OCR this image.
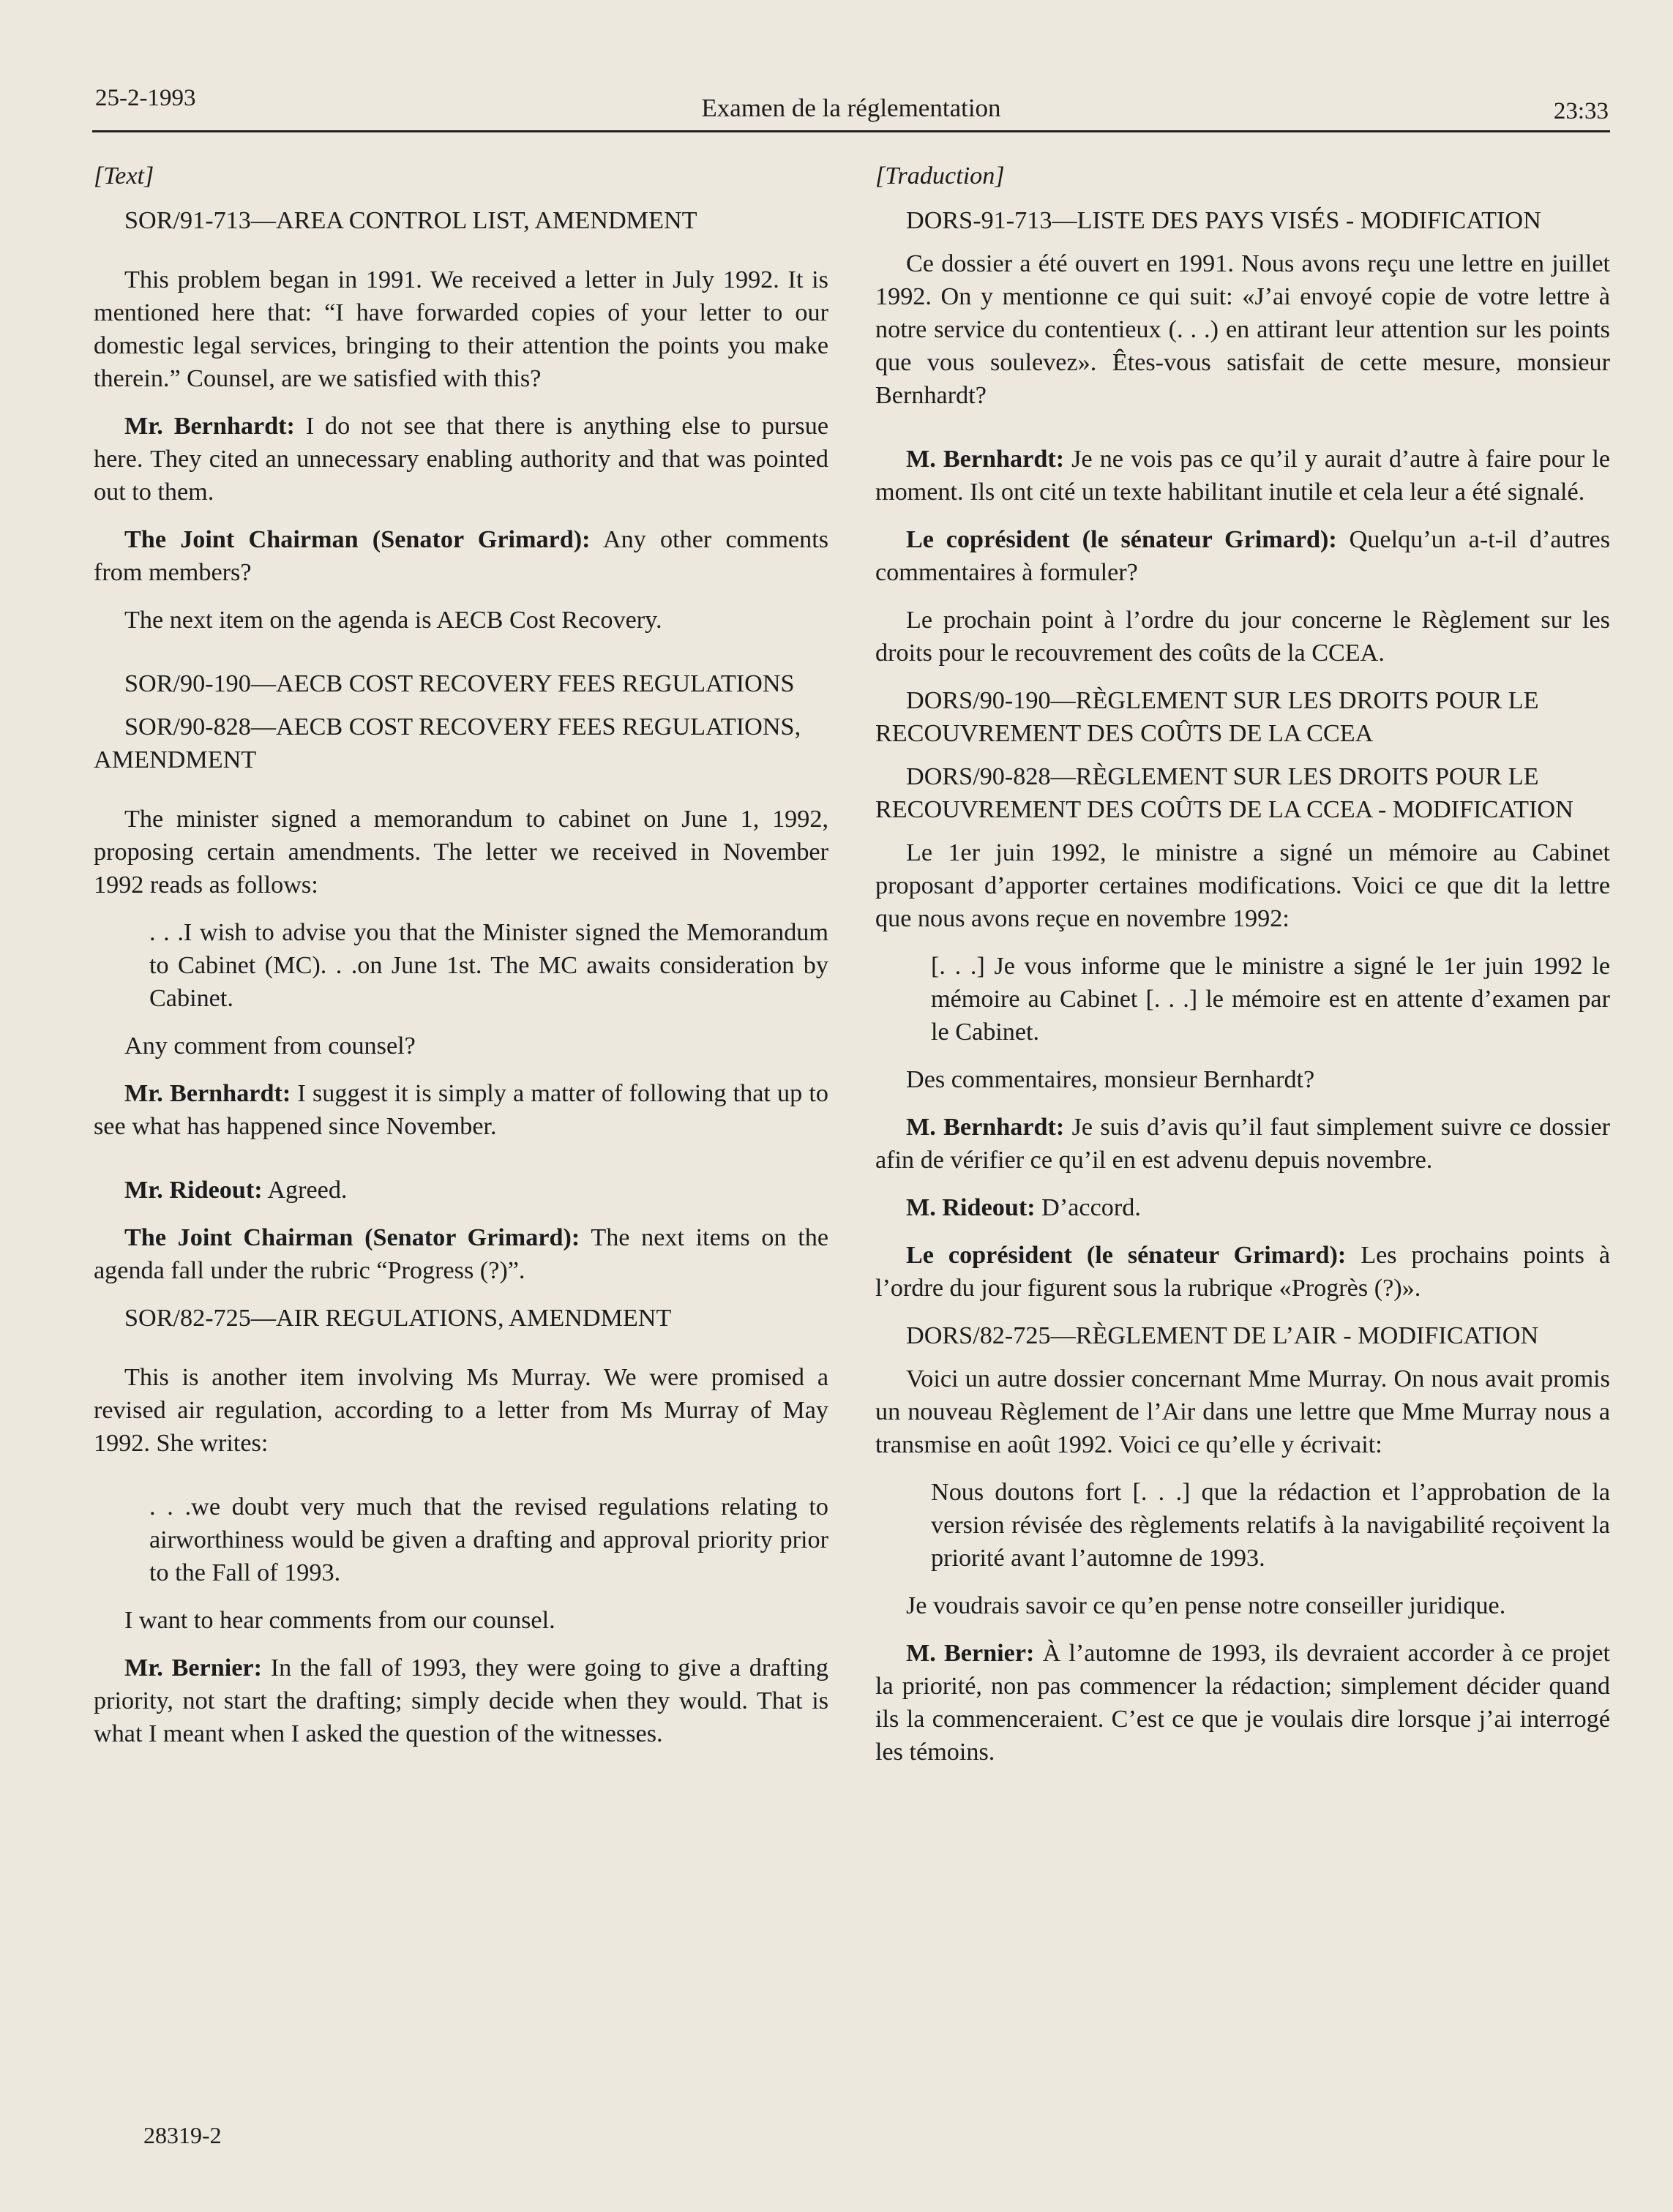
25-2-1993	Examen de la réglementation	23:33

[Text]

SOR/91-713—AREA CONTROL LIST, AMENDMENT

This problem began in 1991. We received a letter in July 1992. It is mentioned here that: “I have forwarded copies of your letter to our domestic legal services, bringing to their attention the points you make therein.” Counsel, are we satisfied with this?

Mr. Bernhardt: I do not see that there is anything else to pursue here. They cited an unnecessary enabling authority and that was pointed out to them.

The Joint Chairman (Senator Grimard): Any other comments from members?

The next item on the agenda is AECB Cost Recovery.

SOR/90-190—AECB COST RECOVERY FEES REGULATIONS

SOR/90-828—AECB COST RECOVERY FEES REGULATIONS, AMENDMENT

The minister signed a memorandum to cabinet on June 1, 1992, proposing certain amendments. The letter we received in November 1992 reads as follows:

. . .I wish to advise you that the Minister signed the Memorandum to Cabinet (MC). . .on June 1st. The MC awaits consideration by Cabinet.

Any comment from counsel?

Mr. Bernhardt: I suggest it is simply a matter of following that up to see what has happened since November.

Mr. Rideout: Agreed.

The Joint Chairman (Senator Grimard): The next items on the agenda fall under the rubric “Progress (?)”.

SOR/82-725—AIR REGULATIONS, AMENDMENT

This is another item involving Ms Murray. We were promised a revised air regulation, according to a letter from Ms Murray of May 1992. She writes:

. . .we doubt very much that the revised regulations relating to airworthiness would be given a drafting and approval priority prior to the Fall of 1993.

I want to hear comments from our counsel.

Mr. Bernier: In the fall of 1993, they were going to give a drafting priority, not start the drafting; simply decide when they would. That is what I meant when I asked the question of the witnesses.

[Traduction]

DORS-91-713—LISTE DES PAYS VISÉS - MODIFICATION

Ce dossier a été ouvert en 1991. Nous avons reçu une lettre en juillet 1992. On y mentionne ce qui suit: «J’ai envoyé copie de votre lettre à notre service du contentieux (. . .) en attirant leur attention sur les points que vous soulevez». Êtes-vous satisfait de cette mesure, monsieur Bernhardt?

M. Bernhardt: Je ne vois pas ce qu’il y aurait d’autre à faire pour le moment. Ils ont cité un texte habilitant inutile et cela leur a été signalé.

Le coprésident (le sénateur Grimard): Quelqu’un a-t-il d’autres commentaires à formuler?

Le prochain point à l’ordre du jour concerne le Règlement sur les droits pour le recouvrement des coûts de la CCEA.

DORS/90-190—RÈGLEMENT SUR LES DROITS POUR LE RECOUVREMENT DES COÛTS DE LA CCEA

DORS/90-828—RÈGLEMENT SUR LES DROITS POUR LE RECOUVREMENT DES COÛTS DE LA CCEA - MODIFICATION

Le 1er juin 1992, le ministre a signé un mémoire au Cabinet proposant d’apporter certaines modifications. Voici ce que dit la lettre que nous avons reçue en novembre 1992:

[. . .] Je vous informe que le ministre a signé le 1er juin 1992 le mémoire au Cabinet [. . .] le mémoire est en attente d’examen par le Cabinet.

Des commentaires, monsieur Bernhardt?

M. Bernhardt: Je suis d’avis qu’il faut simplement suivre ce dossier afin de vérifier ce qu’il en est advenu depuis novembre.

M. Rideout: D’accord.

Le coprésident (le sénateur Grimard): Les prochains points à l’ordre du jour figurent sous la rubrique «Progrès (?)».

DORS/82-725—RÈGLEMENT DE L’AIR - MODIFICATION

Voici un autre dossier concernant Mme Murray. On nous avait promis un nouveau Règlement de l’Air dans une lettre que Mme Murray nous a transmise en août 1992. Voici ce qu’elle y écrivait:

Nous doutons fort [. . .] que la rédaction et l’approbation de la version révisée des règlements relatifs à la navigabilité reçoivent la priorité avant l’automne de 1993.

Je voudrais savoir ce qu’en pense notre conseiller juridique.

M. Bernier: À l’automne de 1993, ils devraient accorder à ce projet la priorité, non pas commencer la rédaction; simplement décider quand ils la commenceraient. C’est ce que je voulais dire lorsque j’ai interrogé les témoins.

28319-2
